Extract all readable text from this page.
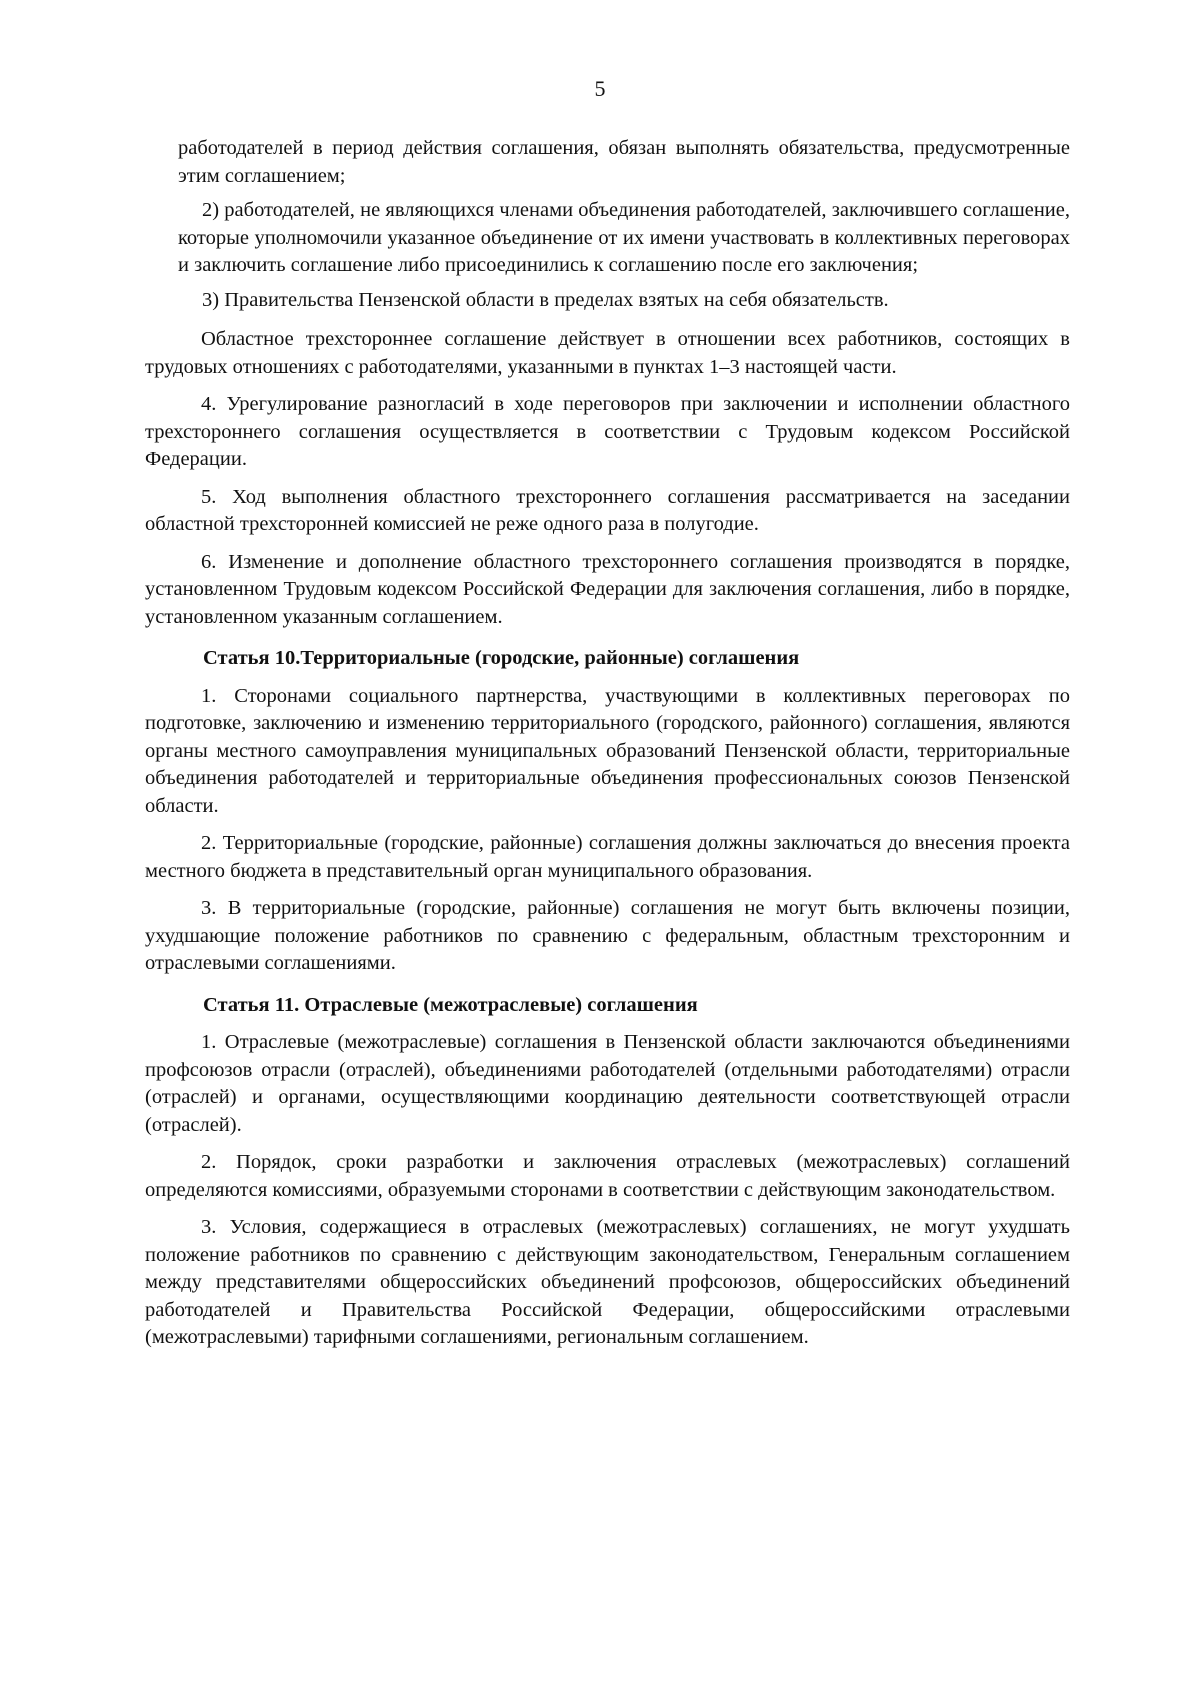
5

работодателей в период действия соглашения, обязан выполнять обязательства, предусмотренные этим соглашением;

2) работодателей, не являющихся членами объединения работодателей, заключившего соглашение, которые уполномочили указанное объединение от их имени участвовать в коллективных переговорах и заключить соглашение либо присоединились к соглашению после его заключения;

3) Правительства Пензенской области в пределах взятых на себя обязательств.

Областное трехстороннее соглашение действует в отношении всех работников, состоящих в трудовых отношениях с работодателями, указанными в пунктах 1–3 настоящей части.

4. Урегулирование разногласий в ходе переговоров при заключении и исполнении областного трехстороннего соглашения осуществляется в соответствии с Трудовым кодексом Российской Федерации.

5. Ход выполнения областного трехстороннего соглашения рассматривается на заседании областной трехсторонней комиссией не реже одного раза в полугодие.

6. Изменение и дополнение областного трехстороннего соглашения производятся в порядке, установленном Трудовым кодексом Российской Федерации для заключения соглашения, либо в порядке, установленном указанным соглашением.

Статья 10.Территориальные (городские, районные) соглашения

1. Сторонами социального партнерства, участвующими в коллективных переговорах по подготовке, заключению и изменению территориального (городского, районного) соглашения, являются органы местного самоуправления муниципальных образований Пензенской области, территориальные объединения работодателей и территориальные объединения профессиональных союзов Пензенской области.

2. Территориальные (городские, районные) соглашения должны заключаться до внесения проекта местного бюджета в представительный орган муниципального образования.

3. В территориальные (городские, районные) соглашения не могут быть включены позиции, ухудшающие положение работников по сравнению с федеральным, областным трехсторонним и отраслевыми соглашениями.

Статья 11. Отраслевые (межотраслевые) соглашения

1. Отраслевые (межотраслевые) соглашения в Пензенской области заключаются объединениями профсоюзов отрасли (отраслей), объединениями работодателей (отдельными работодателями) отрасли (отраслей) и органами, осуществляющими координацию деятельности соответствующей отрасли (отраслей).

2. Порядок, сроки разработки и заключения отраслевых (межотраслевых) соглашений определяются комиссиями, образуемыми сторонами в соответствии с действующим законодательством.

3. Условия, содержащиеся в отраслевых (межотраслевых) соглашениях, не могут ухудшать положение работников по сравнению с действующим законодательством, Генеральным соглашением между представителями общероссийских объединений профсоюзов, общероссийских объединений работодателей и Правительства Российской Федерации, общероссийскими отраслевыми (межотраслевыми) тарифными соглашениями, региональным соглашением.
